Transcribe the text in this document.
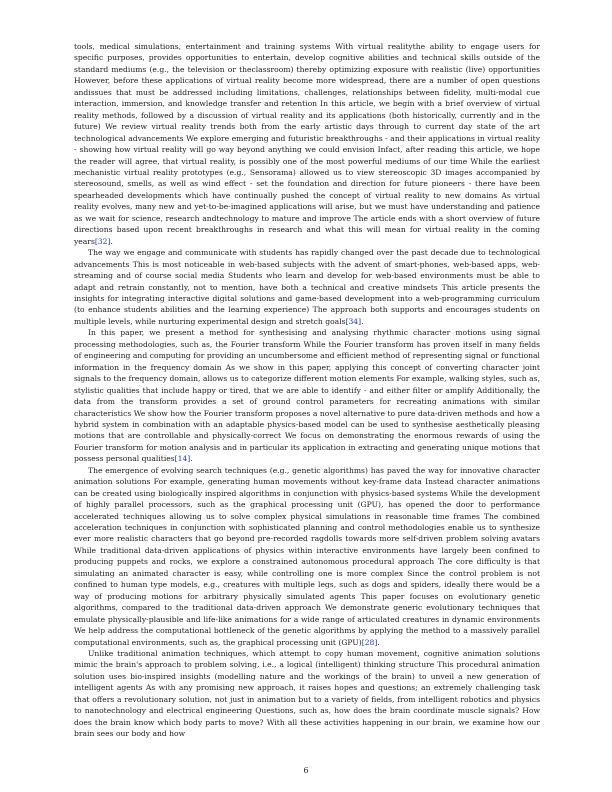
tools, medical simulations, entertainment and training systems With virtual realitythe ability to engage users for specific purposes, provides opportunities to entertain, develop cognitive abilities and technical skills outside of the standard mediums (e.g., the television or theclassroom) thereby optimizing exposure with realistic (live) opportunities However, before these applications of virtual reality become more widespread, there are a number of open questions andissues that must be addressed including limitations, challenges, relationships between fidelity, multi-modal cue interaction, immersion, and knowledge transfer and retention In this article, we begin with a brief overview of virtual reality methods, followed by a discussion of virtual reality and its applications (both historically, currently and in the future) We review virtual reality trends both from the early artistic days through to current day state of the art technological advancements We explore emerging and futuristic breakthroughs - and their applications in virtual reality - showing how virtual reality will go way beyond anything we could envision Infact, after reading this article, we hope the reader will agree, that virtual reality, is possibly one of the most powerful mediums of our time While the earliest mechanistic virtual reality prototypes (e.g., Sensorama) allowed us to view stereoscopic 3D images accompanied by stereosound, smells, as well as wind effect - set the foundation and direction for future pioneers - there have been spearheaded developments which have continually pushed the concept of virtual reality to new domains As virtual reality evolves, many new and yet-to-be-imagined applications will arise, but we must have understanding and patience as we wait for science, research andtechnology to mature and improve The article ends with a short overview of future directions based upon recent breakthroughs in research and what this will mean for virtual reality in the coming years[32].

The way we engage and communicate with students has rapidly changed over the past decade due to technological advancements This is most noticeable in web-based subjects with the advent of smart-phones, web-based apps, web-streaming and of course social media Students who learn and develop for web-based environments must be able to adapt and retrain constantly, not to mention, have both a technical and creative mindsets This article presents the insights for integrating interactive digital solutions and game-based development into a web-programming curriculum (to enhance students abilities and the learning experience) The approach both supports and encourages students on multiple levels, while nurturing experimental design and stretch goals[34].

In this paper, we present a method for synthesising and analysing rhythmic character motions using signal processing methodologies, such as, the Fourier transform While the Fourier transform has proven itself in many fields of engineering and computing for providing an uncumbersome and efficient method of representing signal or functional information in the frequency domain As we show in this paper, applying this concept of converting character joint signals to the frequency domain, allows us to categorize different motion elements For example, walking styles, such as, stylistic qualities that include happy or tired, that we are able to identify - and either filter or amplify Additionally, the data from the transform provides a set of ground control parameters for recreating animations with similar characteristics We show how the Fourier transform proposes a novel alternative to pure data-driven methods and how a hybrid system in combination with an adaptable physics-based model can be used to synthesise aesthetically pleasing motions that are controllable and physically-correct We focus on demonstrating the enormous rewards of using the Fourier transform for motion analysis and in particular its application in extracting and generating unique motions that possess personal qualities[14].

The emergence of evolving search techniques (e.g., genetic algorithms) has paved the way for innovative character animation solutions For example, generating human movements without key-frame data Instead character animations can be created using biologically inspired algorithms in conjunction with physics-based systems While the development of highly parallel processors, such as the graphical processing unit (GPU), has opened the door to performance accelerated techniques allowing us to solve complex physical simulations in reasonable time frames The combined acceleration techniques in conjunction with sophisticated planning and control methodologies enable us to synthesize ever more realistic characters that go beyond pre-recorded ragdolls towards more self-driven problem solving avatars While traditional data-driven applications of physics within interactive environments have largely been confined to producing puppets and rocks, we explore a constrained autonomous procedural approach The core difficulty is that simulating an animated character is easy, while controlling one is more complex Since the control problem is not confined to human type models, e.g., creatures with multiple legs, such as dogs and spiders, ideally there would be a way of producing motions for arbitrary physically simulated agents This paper focuses on evolutionary genetic algorithms, compared to the traditional data-driven approach We demonstrate generic evolutionary techniques that emulate physically-plausible and life-like animations for a wide range of articulated creatures in dynamic environments We help address the computational bottleneck of the genetic algorithms by applying the method to a massively parallel computational environments, such as, the graphical processing unit (GPU)[28].

Unlike traditional animation techniques, which attempt to copy human movement, cognitive animation solutions mimic the brain's approach to problem solving, i.e., a logical (intelligent) thinking structure This procedural animation solution uses bio-inspired insights (modelling nature and the workings of the brain) to unveil a new generation of intelligent agents As with any promising new approach, it raises hopes and questions; an extremely challenging task that offers a revolutionary solution, not just in animation but to a variety of fields, from intelligent robotics and physics to nanotechnology and electrical engineering Questions, such as, how does the brain coordinate muscle signals? How does the brain know which body parts to move? With all these activities happening in our brain, we examine how our brain sees our body and how

6
